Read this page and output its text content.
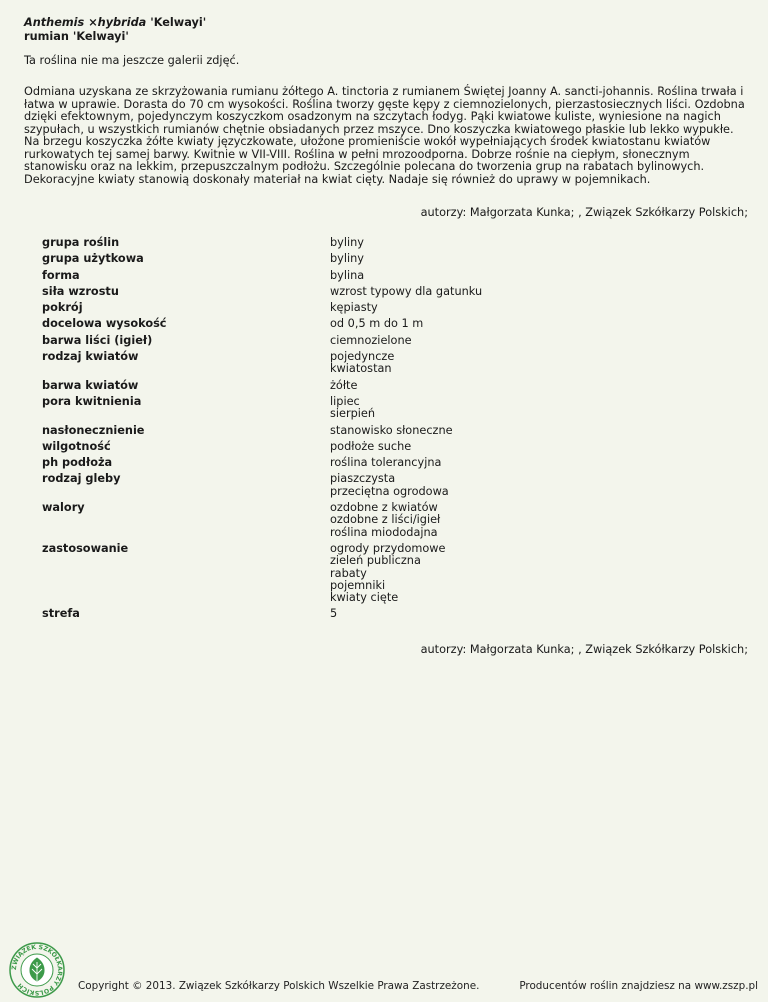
Anthemis ×hybrida 'Kelwayi'
rumian 'Kelwayi'
Ta roślina nie ma jeszcze galerii zdjęć.
Odmiana uzyskana ze skrzyżowania rumianu żółtego A. tinctoria z rumianem Świętej Joanny A. sancti-johannis. Roślina trwała i łatwa w uprawie. Dorasta do 70 cm wysokości. Roślina tworzy gęste kępy z ciemnozielonych, pierzastosiecznych liści. Ozdobna dzięki efektownym, pojedynczym koszyczkom osadzonym na szczytach łodyg. Pąki kwiatowe kuliste, wyniesione na nagich szypułach, u wszystkich rumianów chętnie obsiadanych przez mszyce. Dno koszyczka kwiatowego płaskie lub lekko wypukłe. Na brzegu koszyczka żółte kwiaty języczkowate, ułożone promieniście wokół wypełniających środek kwiatostanu kwiatów rurkowatych tej samej barwy. Kwitnie w VII-VIII. Roślina w pełni mrozoodporna. Dobrze rośnie na ciepłym, słonecznym stanowisku oraz na lekkim, przepuszczalnym podłożu. Szczególnie polecana do tworzenia grup na rabatach bylinowych. Dekoracyjne kwiaty stanowią doskonały materiał na kwiat cięty. Nadaje się również do uprawy w pojemnikach.
autorzy: Małgorzata Kunka; , Związek Szkółkarzy Polskich;
grupa roślin	byliny

grupa użytkowa	byliny

forma	bylina

siła wzrostu	wzrost typowy dla gatunku

pokrój	kępiasty

docelowa wysokość	od 0,5 m do 1 m

barwa liści (igieł)	ciemnozielone

rodzaj kwiatów	pojedyncze
kwiatostan

barwa kwiatów	żółte

pora kwitnienia	lipiec
sierpień

nasłonecznienie	stanowisko słoneczne

wilgotność	podłoże suche

ph podłoża	roślina tolerancyjna

rodzaj gleby	piaszczysta
przeciętna ogrodowa

walory	ozdobne z kwiatów
ozdobne z liści/igieł
roślina miododajna

zastosowanie	ogrody przydomowe
zieleń publiczna
rabaty
pojemniki
kwiaty cięte

strefa	5
autorzy: Małgorzata Kunka; , Związek Szkółkarzy Polskich;
ZWIĄZEK SZKÓŁKARZY POLSKICH	Copyright © 2013. Związek Szkółkarzy Polskich Wszelkie Prawa Zastrzeżone.	Producentów roślin znajdziesz na www.zszp.pl
